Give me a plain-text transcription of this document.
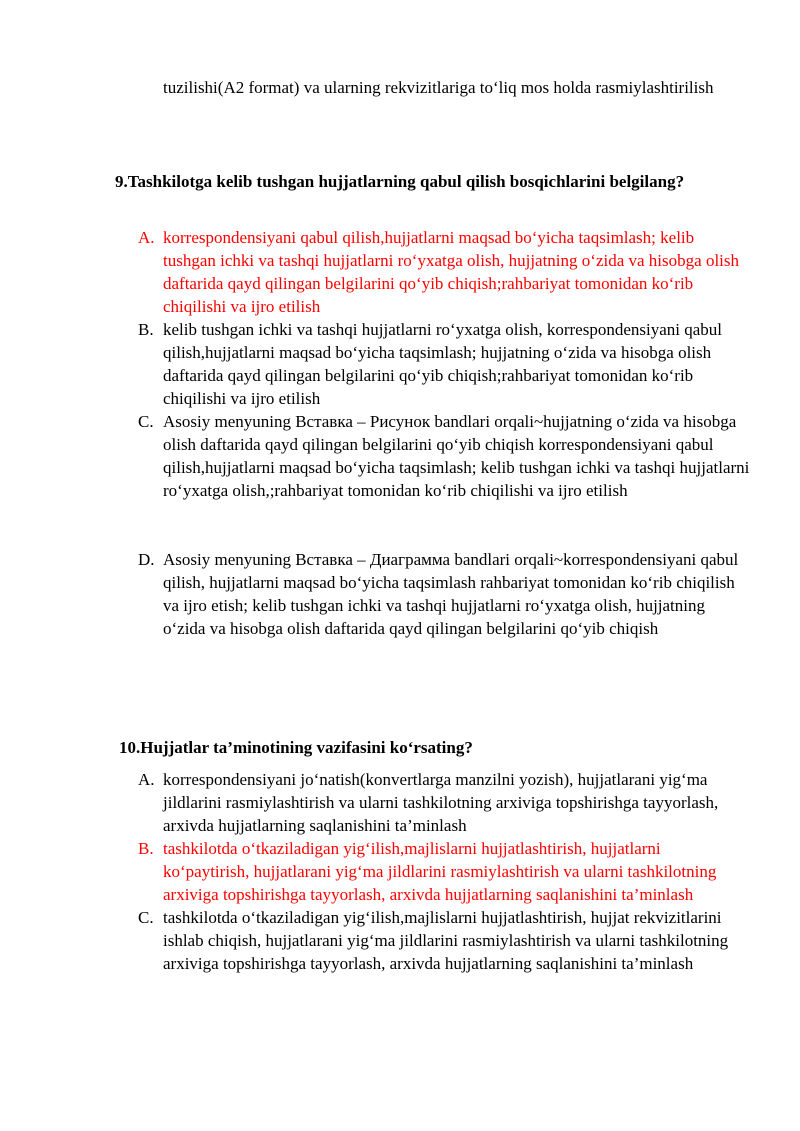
tuzilishi(A2 format) va ularning rekvizitlariga to‘liq mos holda rasmiylashtirilish
9.Tashkilotga kelib tushgan hujjatlarning qabul qilish bosqichlarini belgilang?
A. korrespondensiyani qabul qilish,hujjatlarni maqsad bo‘yicha taqsimlash; kelib tushgan ichki va tashqi hujjatlarni ro‘yxatga olish, hujjatning o‘zida va hisobga olish daftarida qayd qilingan belgilarini qo‘yib chiqish;rahbariyat tomonidan ko‘rib chiqilishi va ijro etilish
B. kelib tushgan ichki va tashqi hujjatlarni ro‘yxatga olish, korrespondensiyani qabul qilish,hujjatlarni maqsad bo‘yicha taqsimlash; hujjatning o‘zida va hisobga olish daftarida qayd qilingan belgilarini qo‘yib chiqish;rahbariyat tomonidan ko‘rib chiqilishi va ijro etilish
C. Asosiy menyuning Вставка – Рисунок bandlari orqali~hujjatning o‘zida va hisobga olish daftarida qayd qilingan belgilarini qo‘yib chiqish korrespondensiyani qabul qilish,hujjatlarni maqsad bo‘yicha taqsimlash; kelib tushgan ichki va tashqi hujjatlarni ro‘yxatga olish,;rahbariyat tomonidan ko‘rib chiqilishi va ijro etilish
D. Asosiy menyuning Вставка – Диаграмма bandlari orqali~korrespondensiyani qabul qilish, hujjatlarni maqsad bo‘yicha taqsimlash rahbariyat tomonidan ko‘rib chiqilish va ijro etish; kelib tushgan ichki va tashqi hujjatlarni ro‘yxatga olish, hujjatning o‘zida va hisobga olish daftarida qayd qilingan belgilarini qo‘yib chiqish
10.Hujjatlar ta’minotining vazifasini ko‘rsating?
A. korrespondensiyani jo‘natish(konvertlarga manzilni yozish), hujjatlarani yig‘ma jildlarini rasmiylashtirish va ularni tashkilotning arxiviga topshirishga tayyorlash, arxivda hujjatlarning saqlanishini ta’minlash
B. tashkilotda o‘tkaziladigan yig‘ilish,majlislarni hujjatlashtirish, hujjatlarni ko‘paytirish, hujjatlarani yig‘ma jildlarini rasmiylashtirish va ularni tashkilotning arxiviga topshirishga tayyorlash, arxivda hujjatlarning saqlanishini ta’minlash
C. tashkilotda o‘tkaziladigan yig‘ilish,majlislarni hujjatlashtirish, hujjat rekvizitlarini ishlab chiqish, hujjatlarani yig‘ma jildlarini rasmiylashtirish va ularni tashkilotning arxiviga topshirishga tayyorlash, arxivda hujjatlarning saqlanishini ta’minlash
